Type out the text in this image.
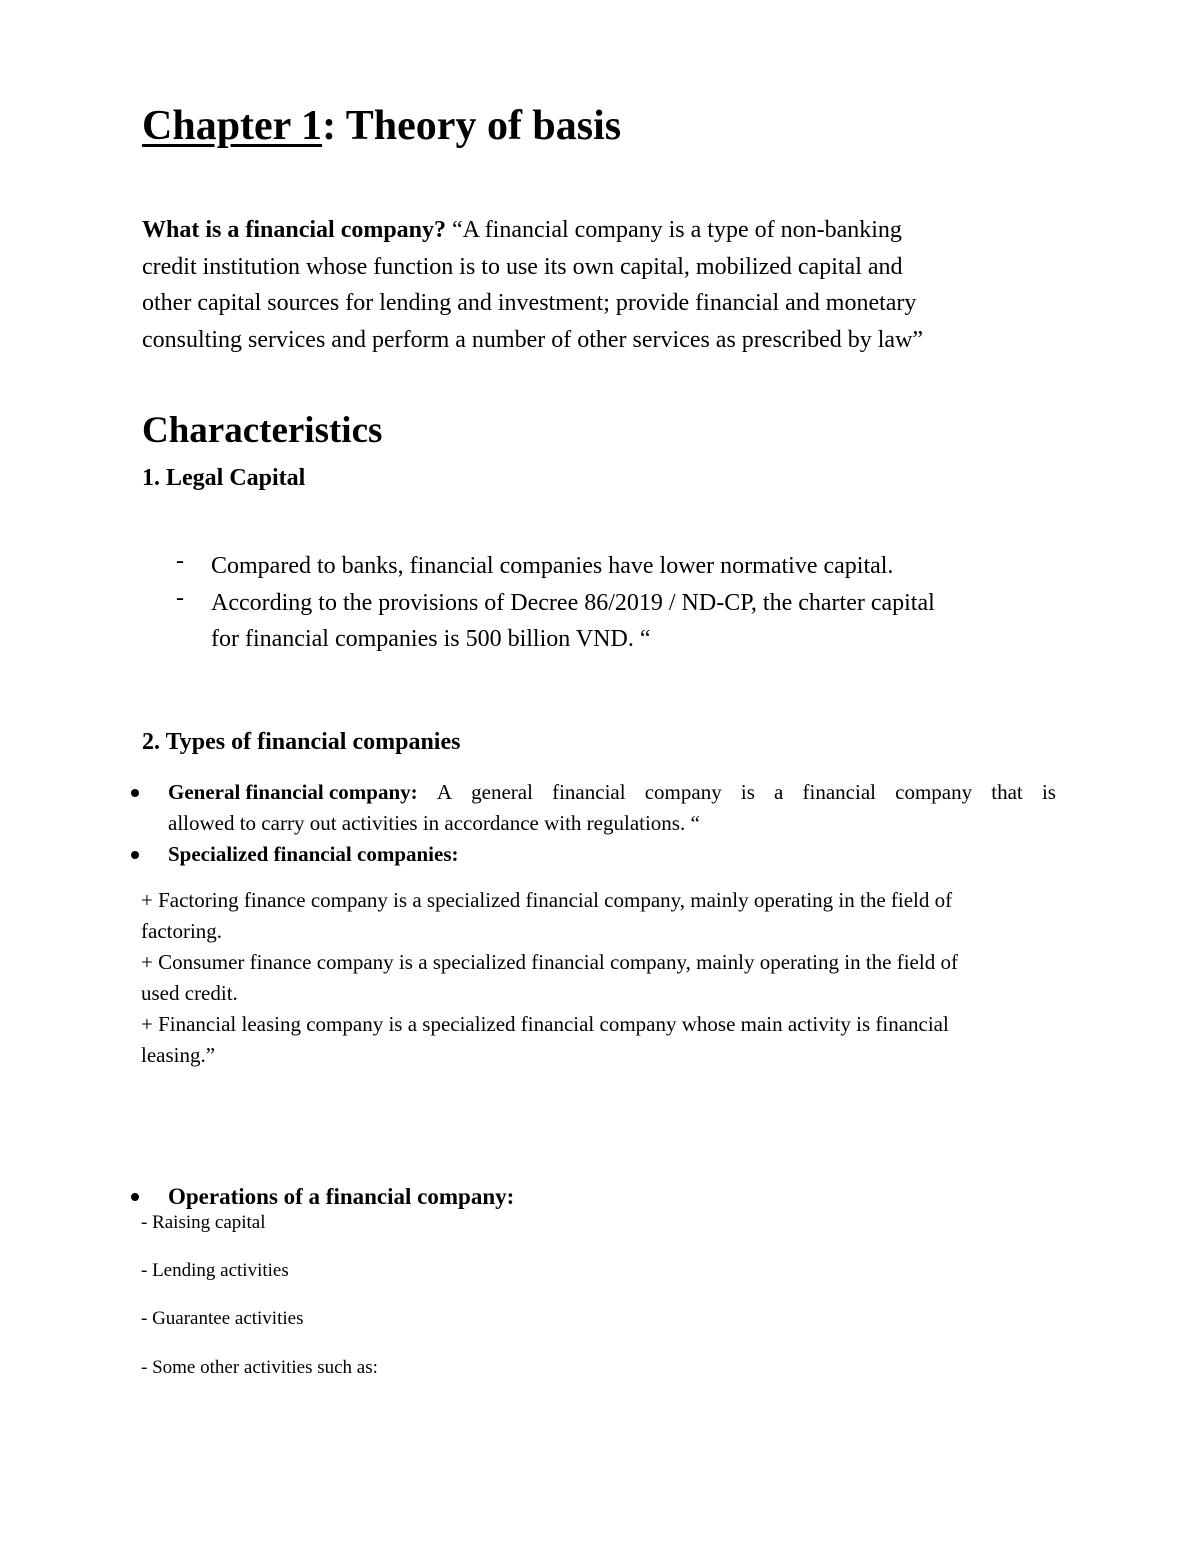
Chapter 1: Theory of basis

What is a financial company? “A financial company is a type of non-banking

credit institution whose function is to use its own capital, mobilized capital and

other capital sources for lending and investment; provide financial and monetary

consulting services and perform a number of other services as prescribed by law”

Characteristics
1. Legal Capital
- Compared to banks, financial companies have lower normative capital.
- According to the provisions of Decree 86/2019 / ND-CP, the charter capital
for financial companies is 500 billion VND. “
2. Types of financial companies
General financial company: A general financial company is a financial company that is
allowed to carry out activities in accordance with regulations. “
Specialized financial companies:
+ Factoring finance company is a specialized financial company, mainly operating in the field of
factoring.
+ Consumer finance company is a specialized financial company, mainly operating in the field of
used credit.
+ Financial leasing company is a specialized financial company whose main activity is financial
leasing.”
Operations of a financial company:
- Raising capital
- Lending activities
- Guarantee activities
- Some other activities such as:
